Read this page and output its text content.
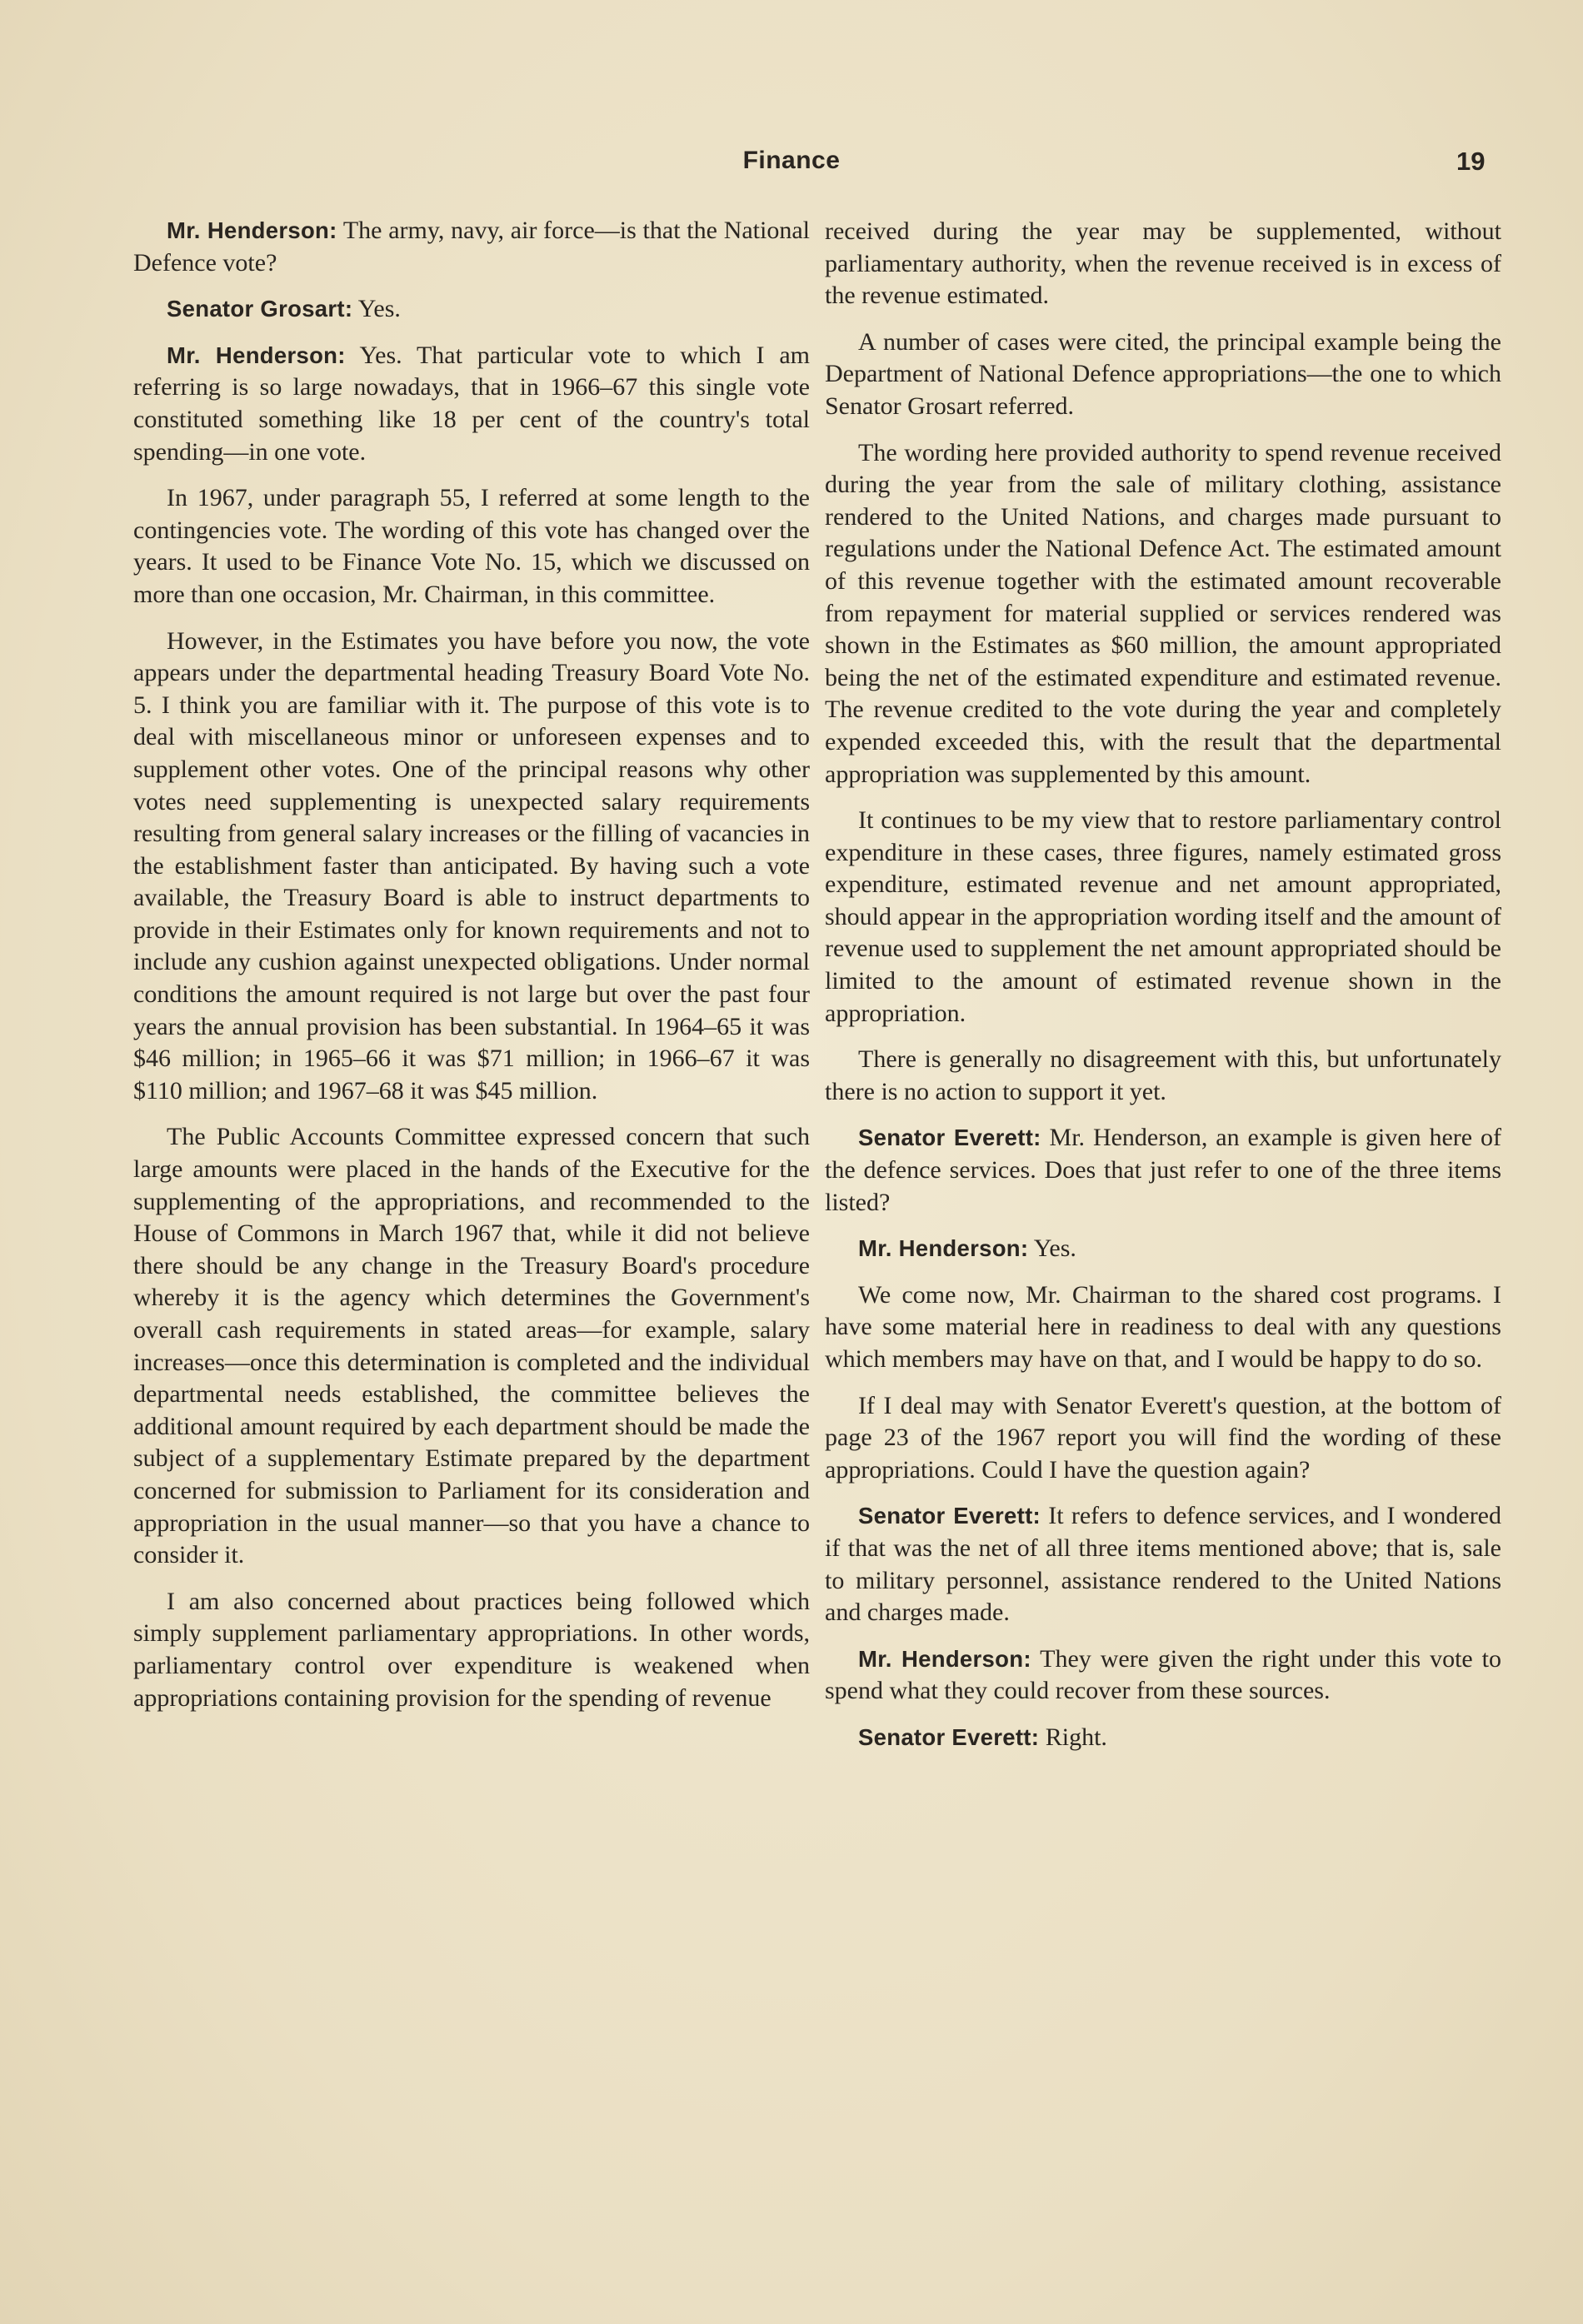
Finance	19

Mr. Henderson: The army, navy, air force—is that the National Defence vote?

Senator Grosart: Yes.

Mr. Henderson: Yes. That particular vote to which I am referring is so large nowadays, that in 1966–67 this single vote constituted something like 18 per cent of the country's total spending—in one vote.

In 1967, under paragraph 55, I referred at some length to the contingencies vote. The wording of this vote has changed over the years. It used to be Finance Vote No. 15, which we discussed on more than one occasion, Mr. Chairman, in this committee.

However, in the Estimates you have before you now, the vote appears under the departmental heading Treasury Board Vote No. 5. I think you are familiar with it. The purpose of this vote is to deal with miscellaneous minor or unforeseen expenses and to supplement other votes. One of the principal reasons why other votes need supplementing is unexpected salary requirements resulting from general salary increases or the filling of vacancies in the establishment faster than anticipated. By having such a vote available, the Treasury Board is able to instruct departments to provide in their Estimates only for known requirements and not to include any cushion against unexpected obligations. Under normal conditions the amount required is not large but over the past four years the annual provision has been substantial. In 1964–65 it was $46 million; in 1965–66 it was $71 million; in 1966–67 it was $110 million; and 1967–68 it was $45 million.

The Public Accounts Committee expressed concern that such large amounts were placed in the hands of the Executive for the supplementing of the appropriations, and recommended to the House of Commons in March 1967 that, while it did not believe there should be any change in the Treasury Board's procedure whereby it is the agency which determines the Government's overall cash requirements in stated areas—for example, salary increases—once this determination is completed and the individual departmental needs established, the committee believes the additional amount required by each department should be made the subject of a supplementary Estimate prepared by the department concerned for submission to Parliament for its consideration and appropriation in the usual manner—so that you have a chance to consider it.

I am also concerned about practices being followed which simply supplement parliamentary appropriations. In other words, parliamentary control over expenditure is weakened when appropriations containing provision for the spending of revenue

received during the year may be supplemented, without parliamentary authority, when the revenue received is in excess of the revenue estimated.

A number of cases were cited, the principal example being the Department of National Defence appropriations—the one to which Senator Grosart referred.

The wording here provided authority to spend revenue received during the year from the sale of military clothing, assistance rendered to the United Nations, and charges made pursuant to regulations under the National Defence Act. The estimated amount of this revenue together with the estimated amount recoverable from repayment for material supplied or services rendered was shown in the Estimates as $60 million, the amount appropriated being the net of the estimated expenditure and estimated revenue. The revenue credited to the vote during the year and completely expended exceeded this, with the result that the departmental appropriation was supplemented by this amount.

It continues to be my view that to restore parliamentary control expenditure in these cases, three figures, namely estimated gross expenditure, estimated revenue and net amount appropriated, should appear in the appropriation wording itself and the amount of revenue used to supplement the net amount appropriated should be limited to the amount of estimated revenue shown in the appropriation.

There is generally no disagreement with this, but unfortunately there is no action to support it yet.

Senator Everett: Mr. Henderson, an example is given here of the defence services. Does that just refer to one of the three items listed?

Mr. Henderson: Yes.

We come now, Mr. Chairman to the shared cost programs. I have some material here in readiness to deal with any questions which members may have on that, and I would be happy to do so.

If I deal may with Senator Everett's question, at the bottom of page 23 of the 1967 report you will find the wording of these appropriations. Could I have the question again?

Senator Everett: It refers to defence services, and I wondered if that was the net of all three items mentioned above; that is, sale to military personnel, assistance rendered to the United Nations and charges made.

Mr. Henderson: They were given the right under this vote to spend what they could recover from these sources.

Senator Everett: Right.
